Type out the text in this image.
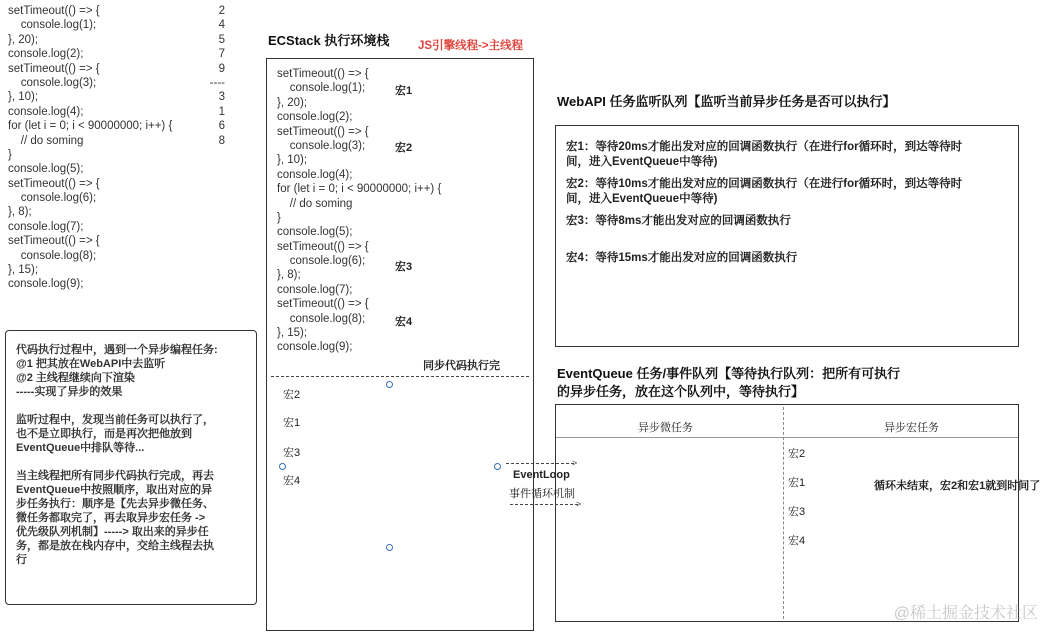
setTimeout(() => {
console.log(1);
}, 20);
console.log(2);
setTimeout(() => {
console.log(3);
}, 10);
console.log(4);
for (let i = 0; i < 90000000; i++) {
// do soming
}
console.log(5);
setTimeout(() => {
console.log(6);
}, 8);
console.log(7);
setTimeout(() => {
console.log(8);
}, 15);
console.log(9);
2
4
5
7
9
----
3
1
6
8
代码执行过程中，遇到一个异步编程任务:
@1 把其放在WebAPI中去监听
@2 主线程继续向下渲染
-----实现了异步的效果
监听过程中，发现当前任务可以执行了，
也不是立即执行，而是再次把他放到
EventQueue中排队等待...
当主线程把所有同步代码执行完成，再去
EventQueue中按照顺序，取出对应的异
步任务执行：顺序是【先去异步微任务、
微任务都取完了，再去取异步宏任务 ->
优先级队列机制】-----> 取出来的异步任
务，都是放在栈内存中，交给主线程去执
行
ECStack 执行环境栈 JS引擎线程->主线程
setTimeout(() => {
console.log(1);
}, 20);
console.log(2);
setTimeout(() => {
console.log(3);
}, 10);
console.log(4);
for (let i = 0; i < 90000000; i++) {
// do soming
}
console.log(5);
setTimeout(() => {
console.log(6);
}, 8);
console.log(7);
setTimeout(() => {
console.log(8);
}, 15);
console.log(9);
宏1
宏2
宏3
宏4
同步代码执行完
宏2
宏1
宏3
宏4
WebAPI 任务监听队列【监听当前异步任务是否可以执行】
宏1：等待20ms才能出发对应的回调函数执行（在进行for循环时，到达等待时
间，进入EventQueue中等待)
宏2：等待10ms才能出发对应的回调函数执行（在进行for循环时，到达等待时
间，进入EventQueue中等待)
宏3：等待8ms才能出发对应的回调函数执行
宏4：等待15ms才能出发对应的回调函数执行
EventQueue 任务/事件队列【等待执行队列：把所有可执行
的异步任务，放在这个队列中，等待执行】
异步微任务	异步宏任务
宏2
宏1
宏3
宏4
循环未结束，宏2和宏1就到时间了
>
EventLoop
事件循环机制
>
@稀土掘金技术社区
